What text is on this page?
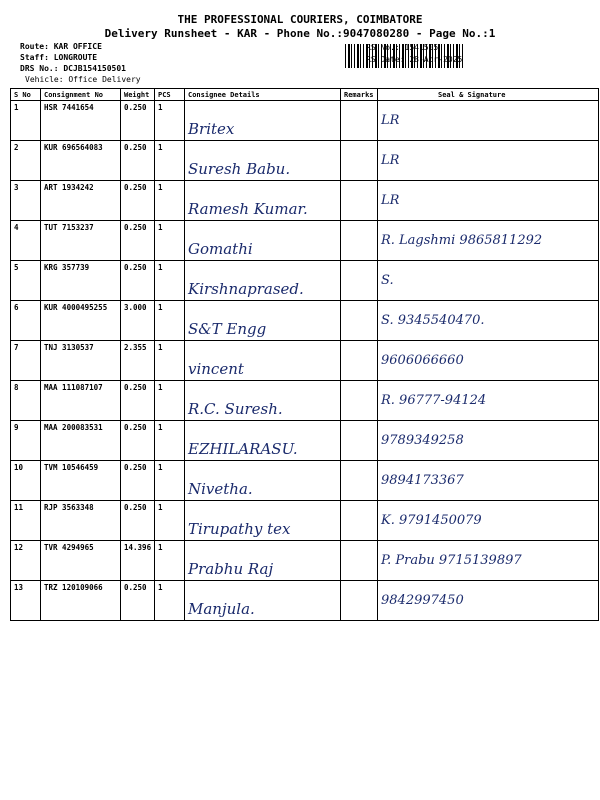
THE PROFESSIONAL COURIERS, COIMBATORE
Delivery Runsheet - KAR - Phone No.:9047080280 - Page No.:1
Route: KAR OFFICE
Staff: LONGROUTE
DRS No.: DCJB154150501
Vehicle: Office Delivery
RS No.: 1541505
RS Date: 28-Apr-2025
S No	Consignment No	Weight	PCS	Consignee Details	Remarks	Seal & Signature
1	HSR 7441654	0.250	1	Britex		LR
2	KUR 696564083	0.250	1	Suresh Babu.		LR
3	ART 1934242	0.250	1	Ramesh Kumar.		LR
4	TUT 7153237	0.250	1	Gomathi		R. Lagshmi 9865811292
5	KRG 357739	0.250	1	Kirshnaprased.		S.
6	KUR 4000495255	3.000	1	S&T Engg		S. 9345540470.
7	TNJ 3130537	2.355	1	vincent		9606066660
8	MAA 111087107	0.250	1	R.C. Suresh.		R. 96777-94124
9	MAA 200083531	0.250	1	EZHILARASU.		9789349258
10	TVM 10546459	0.250	1	Nivetha.		9894173367
11	RJP 3563348	0.250	1	Tirupathy tex		K. 9791450079
12	TVR 4294965	14.396	1	Prabhu Raj		P. Prabu 9715139897
13	TRZ 120109066	0.250	1	Manjula.		9842997450
